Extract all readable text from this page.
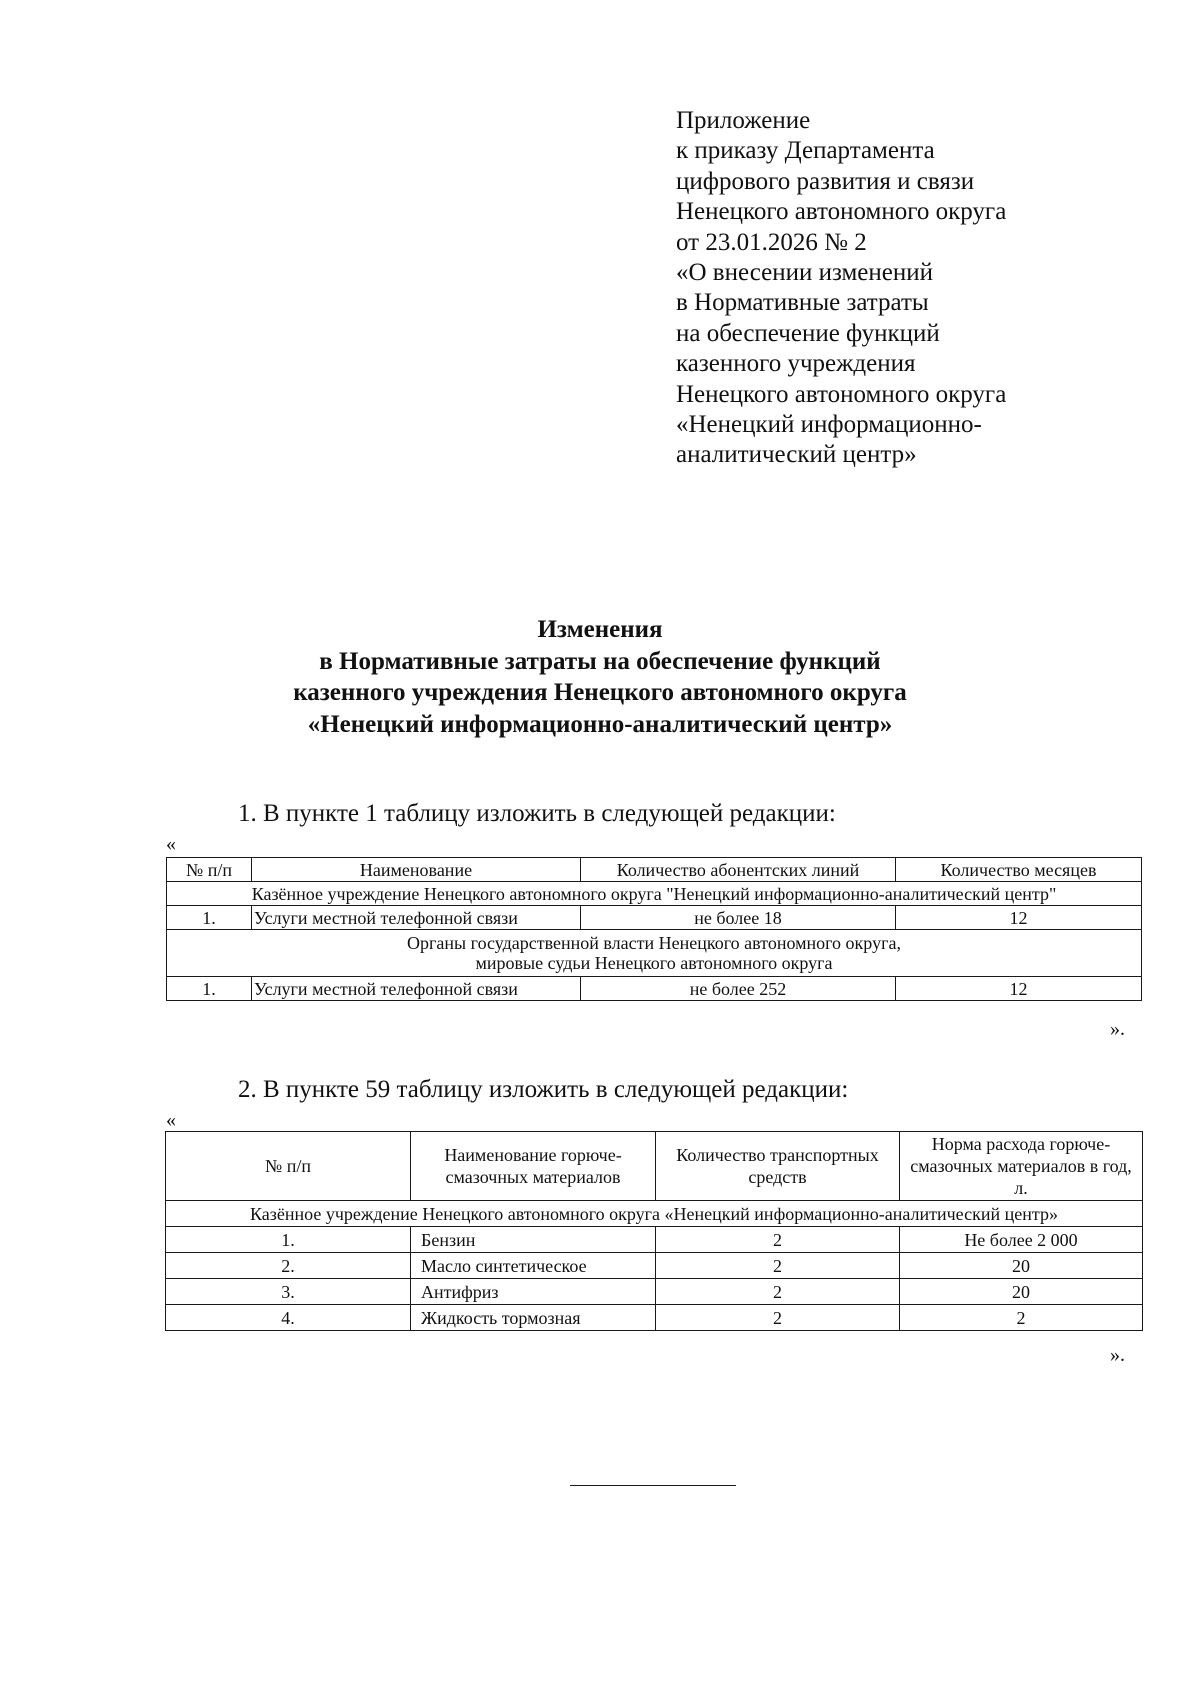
Приложение
к приказу Департамента
цифрового развития и связи
Ненецкого автономного округа
от 23.01.2026 № 2
«О внесении изменений
в Нормативные затраты
на обеспечение функций
казенного учреждения
Ненецкого автономного округа
«Ненецкий информационно-
аналитический центр»
Изменения
в Нормативные затраты на обеспечение функций
казенного учреждения Ненецкого автономного округа
«Ненецкий информационно-аналитический центр»
1. В пункте 1 таблицу изложить в следующей редакции:
«
№ п/п	Наименование	Количество абонентских линий	Количество месяцев
Казённое учреждение Ненецкого автономного округа "Ненецкий информационно-аналитический центр"			
1.	Услуги местной телефонной связи	не более 18	12

Органы государственной власти Ненецкого автономного округа,
мировые судьи Ненецкого автономного округа			

1.	Услуги местной телефонной связи	не более 252	12
».
2. В пункте 59 таблицу изложить в следующей редакции:
«
№ п/п	Наименование горюче-смазочных материалов	Количество транспортных средств	Норма расхода горюче-смазочных материалов в год, л.
Казённое учреждение Ненецкого автономного округа «Ненецкий информационно-аналитический центр»			
1.	Бензин	2	Не более 2 000
2.	Масло синтетическое	2	20
3.	Антифриз	2	20
4.	Жидкость тормозная	2	2
».
